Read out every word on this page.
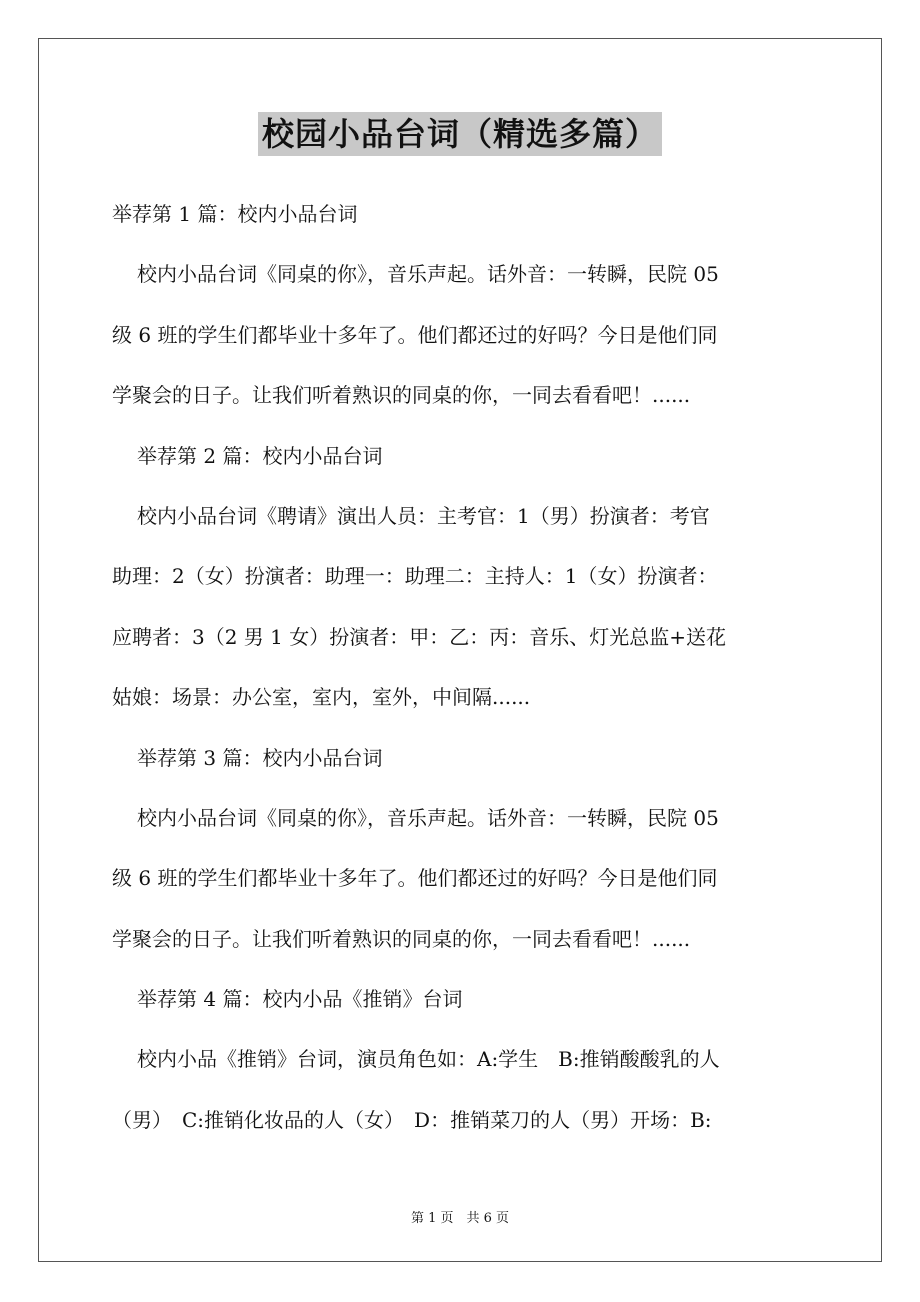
校园小品台词（精选多篇）
举荐第 1 篇：校内小品台词
校内小品台词《同桌的你》，音乐声起。话外音：一转瞬，民院 05
级 6 班的学生们都毕业十多年了。他们都还过的好吗？今日是他们同
学聚会的日子。让我们听着熟识的同桌的你，一同去看看吧！......
举荐第 2 篇：校内小品台词
校内小品台词《聘请》演出人员：主考官：1（男）扮演者：考官
助理：2（女）扮演者：助理一：助理二：主持人：1（女）扮演者：
应聘者：3（2 男 1 女）扮演者：甲：乙：丙：音乐、灯光总监+送花
姑娘：场景：办公室，室内，室外，中间隔......
举荐第 3 篇：校内小品台词
校内小品台词《同桌的你》，音乐声起。话外音：一转瞬，民院 05
级 6 班的学生们都毕业十多年了。他们都还过的好吗？今日是他们同
学聚会的日子。让我们听着熟识的同桌的你，一同去看看吧！......
举荐第 4 篇：校内小品《推销》台词
校内小品《推销》台词，演员角色如：A:学生　B:推销酸酸乳的人
（男）　C:推销化妆品的人（女）　D：推销菜刀的人（男）开场：B:
第 1 页　共 6 页
